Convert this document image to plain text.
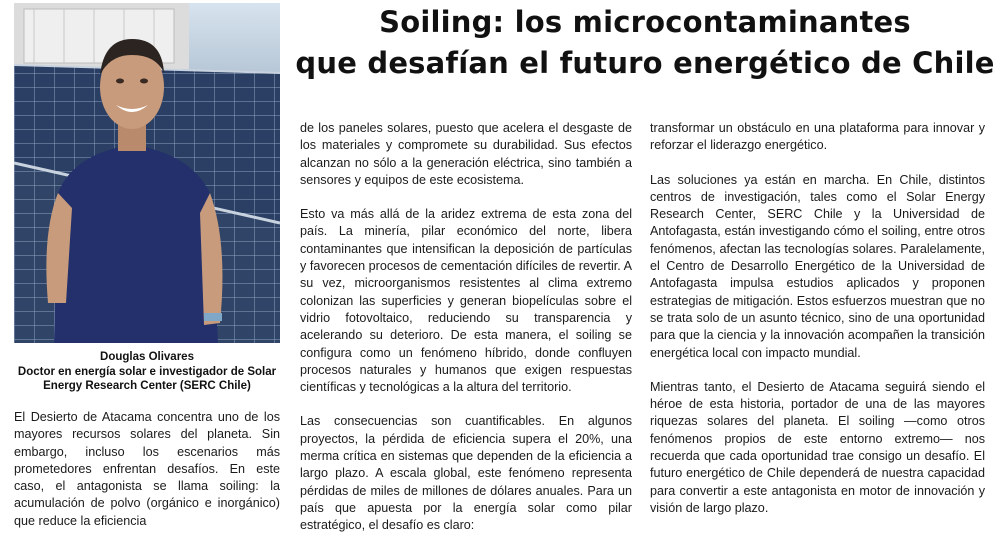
Soiling: los microcontaminantes
que desafían el futuro energético de Chile
Douglas Olivares
Doctor en energía solar e investigador de Solar
Energy Research Center (SERC Chile)

El Desierto de Atacama concentra uno de los mayores recursos solares del planeta. Sin embargo, incluso los escenarios más prometedores enfrentan desafíos. En este caso, el antagonista se llama soiling: la acumulación de polvo (orgánico e inorgánico) que reduce la eficiencia

de los paneles solares, puesto que acelera el desgaste de los materiales y compromete su durabilidad. Sus efectos alcanzan no sólo a la generación eléctrica, sino también a sensores y equipos de este ecosistema.

Esto va más allá de la aridez extrema de esta zona del país. La minería, pilar económico del norte, libera contaminantes que intensifican la deposición de partículas y favorecen procesos de cementación difíciles de revertir. A su vez, microorganismos resistentes al clima extremo colonizan las superficies y generan biopelículas sobre el vidrio fotovoltaico, reduciendo su transparencia y acelerando su deterioro. De esta manera, el soiling se configura como un fenómeno híbrido, donde confluyen procesos naturales y humanos que exigen respuestas científicas y tecnológicas a la altura del territorio.

Las consecuencias son cuantificables. En algunos proyectos, la pérdida de eficiencia supera el 20%, una merma crítica en sistemas que dependen de la eficiencia a largo plazo. A escala global, este fenómeno representa pérdidas de miles de millones de dólares anuales. Para un país que apuesta por la energía solar como pilar estratégico, el desafío es claro:

transformar un obstáculo en una plataforma para innovar y reforzar el liderazgo energético.

Las soluciones ya están en marcha. En Chile, distintos centros de investigación, tales como el Solar Energy Research Center, SERC Chile y la Universidad de Antofagasta, están investigando cómo el soiling, entre otros fenómenos, afectan las tecnologías solares. Paralelamente, el Centro de Desarrollo Energético de la Universidad de Antofagasta impulsa estudios aplicados y proponen estrategias de mitigación. Estos esfuerzos muestran que no se trata solo de un asunto técnico, sino de una oportunidad para que la ciencia y la innovación acompañen la transición energética local con impacto mundial.

Mientras tanto, el Desierto de Atacama seguirá siendo el héroe de esta historia, portador de una de las mayores riquezas solares del planeta. El soiling —como otros fenómenos propios de este entorno extremo— nos recuerda que cada oportunidad trae consigo un desafío. El futuro energético de Chile dependerá de nuestra capacidad para convertir a este antagonista en motor de innovación y visión de largo plazo.
